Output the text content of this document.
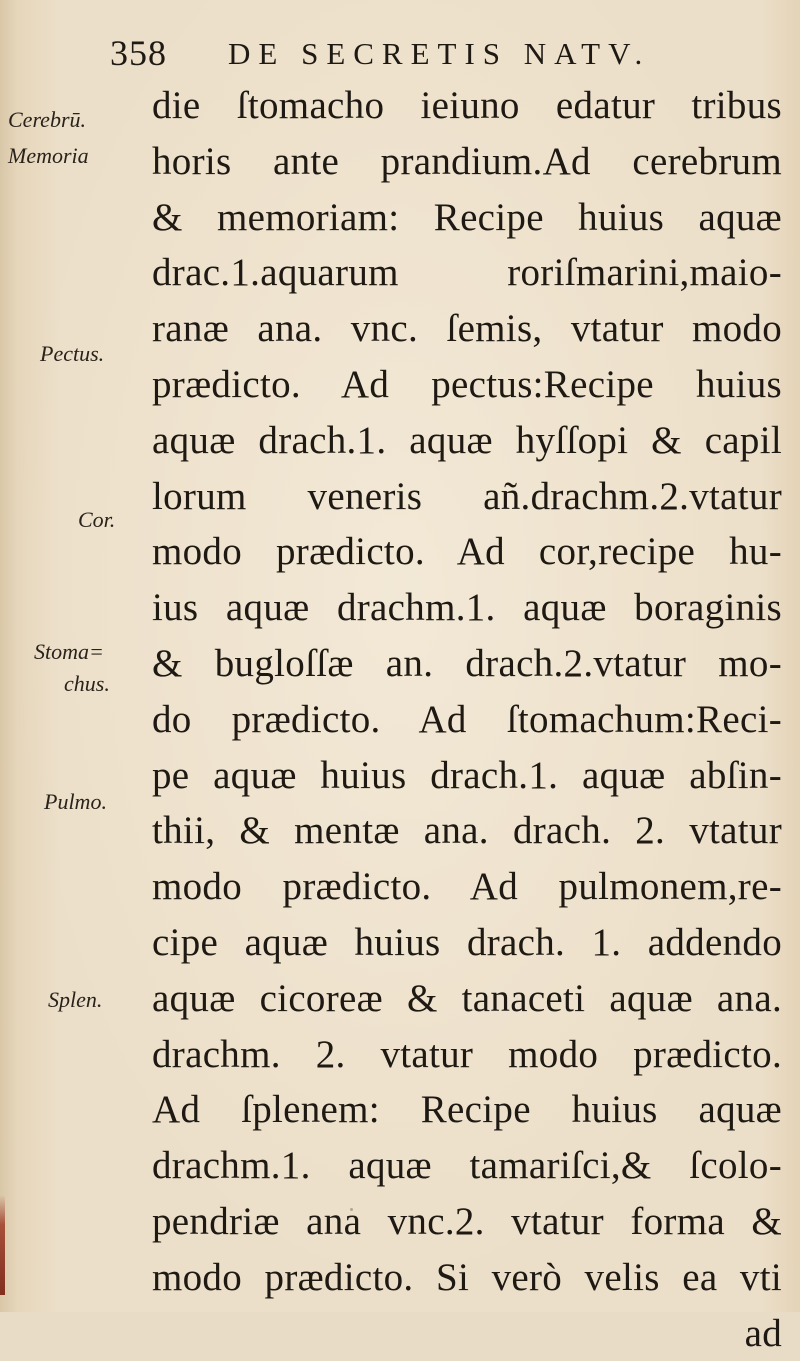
358 DE SECRETIS NATV.
Cerebrū.
Memoria
Pectus.
Cor.
Stoma=
chus.
Pulmo.
Splen.
die ſtomacho ieiuno edatur tribus
horis ante prandium.Ad cerebrum
& memoriam: Recipe huius aquæ
drac.1.aquarum roriſmarini,maio-
ranæ ana. vnc. ſemis, vtatur modo
prædicto. Ad pectus:Recipe huius
aquæ drach.1. aquæ hyſſopi & capil
lorum veneris añ.drachm.2.vtatur
modo prædicto. Ad cor,recipe hu-
ius aquæ drachm.1. aquæ boraginis
& bugloſſæ an. drach.2.vtatur mo-
do prædicto. Ad ſtomachum:Reci-
pe aquæ huius drach.1. aquæ abſin-
thii, & mentæ ana. drach. 2. vtatur
modo prædicto. Ad pulmonem,re-
cipe aquæ huius drach. 1. addendo
aquæ cicoreæ & tanaceti aquæ ana.
drachm. 2. vtatur modo prædicto.
Ad ſplenem: Recipe huius aquæ
drachm.1. aquæ tamariſci,& ſcolo-
pendriæ ana vnc.2. vtatur forma &
modo prædicto. Si verò velis ea vti
ad
